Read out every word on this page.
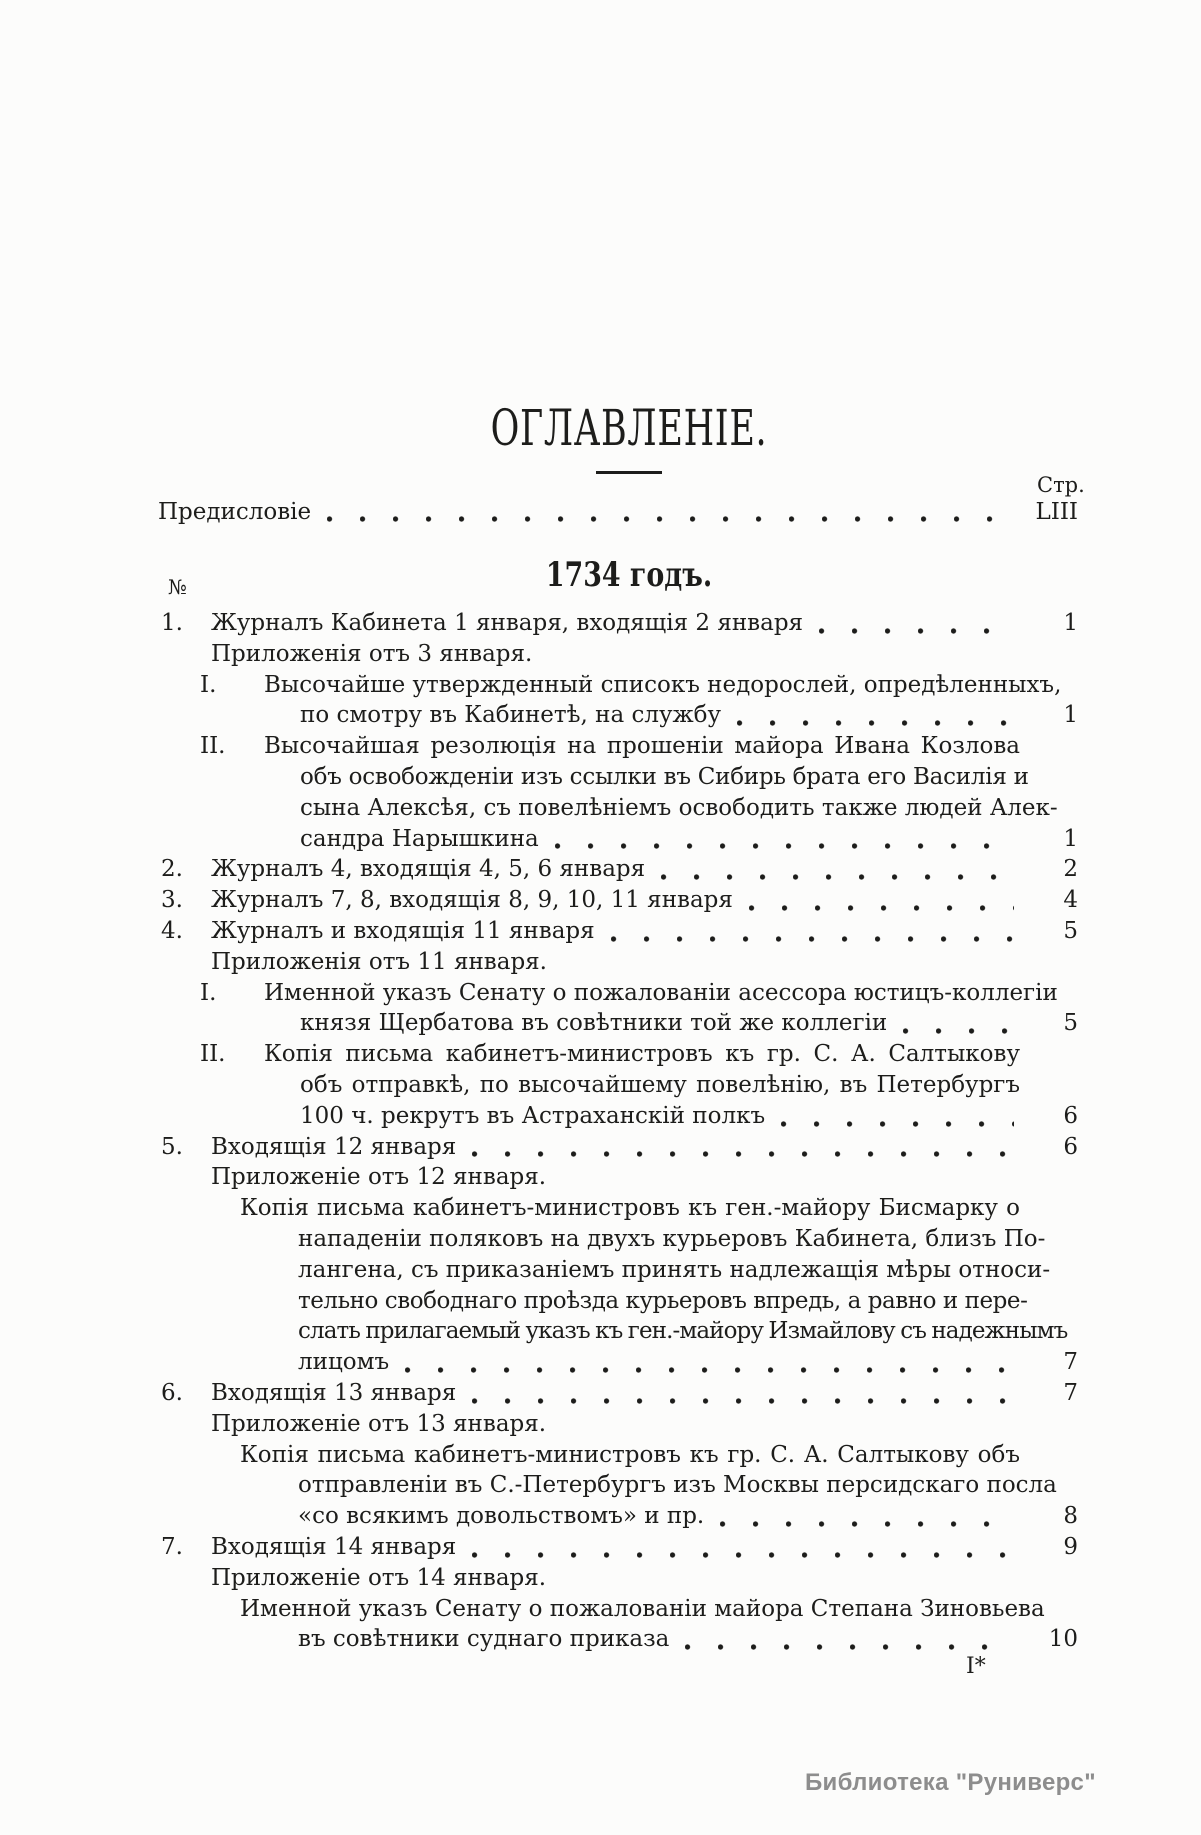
ОГЛАВЛЕНІЕ.
Стр.
Предисловіе	LIII
№	1734 годъ.
1. Журналъ Кабинета 1 января, входящія 2 января	1
Приложенія отъ 3 января.
I.	Высочайше утвержденный списокъ недорослей, опредѣленныхъ,
по смотру въ Кабинетѣ, на службу	1
II.	Высочайшая резолюція на прошеніи майора Ивана Козлова
объ освобожденіи изъ ссылки въ Сибирь брата его Василія и
сына Алексѣя, съ повелѣніемъ освободить также людей Алек-
сандра Нарышкина	1
2. Журналъ 4, входящія 4, 5, 6 января	2
3. Журналъ 7, 8, входящія 8, 9, 10, 11 января	4
4. Журналъ и входящія 11 января	5
Приложенія отъ 11 января.
I.	Именной указъ Сенату о пожалованіи асессора юстицъ-коллегіи
князя Щербатова въ совѣтники той же коллегіи	5
II.	Копія письма кабинетъ-министровъ къ гр. С. А. Салтыкову
объ отправкѣ, по высочайшему повелѣнію, въ Петербургъ
100 ч. рекрутъ въ Астраханскій полкъ	6
5. Входящія 12 января	6
Приложеніе отъ 12 января.
Копія письма кабинетъ-министровъ къ ген.-майору Бисмарку о
нападеніи поляковъ на двухъ курьеровъ Кабинета, близъ По-
лангена, съ приказаніемъ принять надлежащія мѣры относи-
тельно свободнаго проѣзда курьеровъ впредь, а равно и пере-
слать прилагаемый указъ къ ген.-майору Измайлову съ надежнымъ
лицомъ	7
6. Входящія 13 января	7
Приложеніе отъ 13 января.
Копія письма кабинетъ-министровъ къ гр. С. А. Салтыкову объ
отправленіи въ С.-Петербургъ изъ Москвы персидскаго посла
«со всякимъ довольствомъ» и пр.	8
7. Входящія 14 января	9
Приложеніе отъ 14 января.
Именной указъ Сенату о пожалованіи майора Степана Зиновьева
въ совѣтники суднаго приказа	10
I*
Библиотека "Руниверс"
